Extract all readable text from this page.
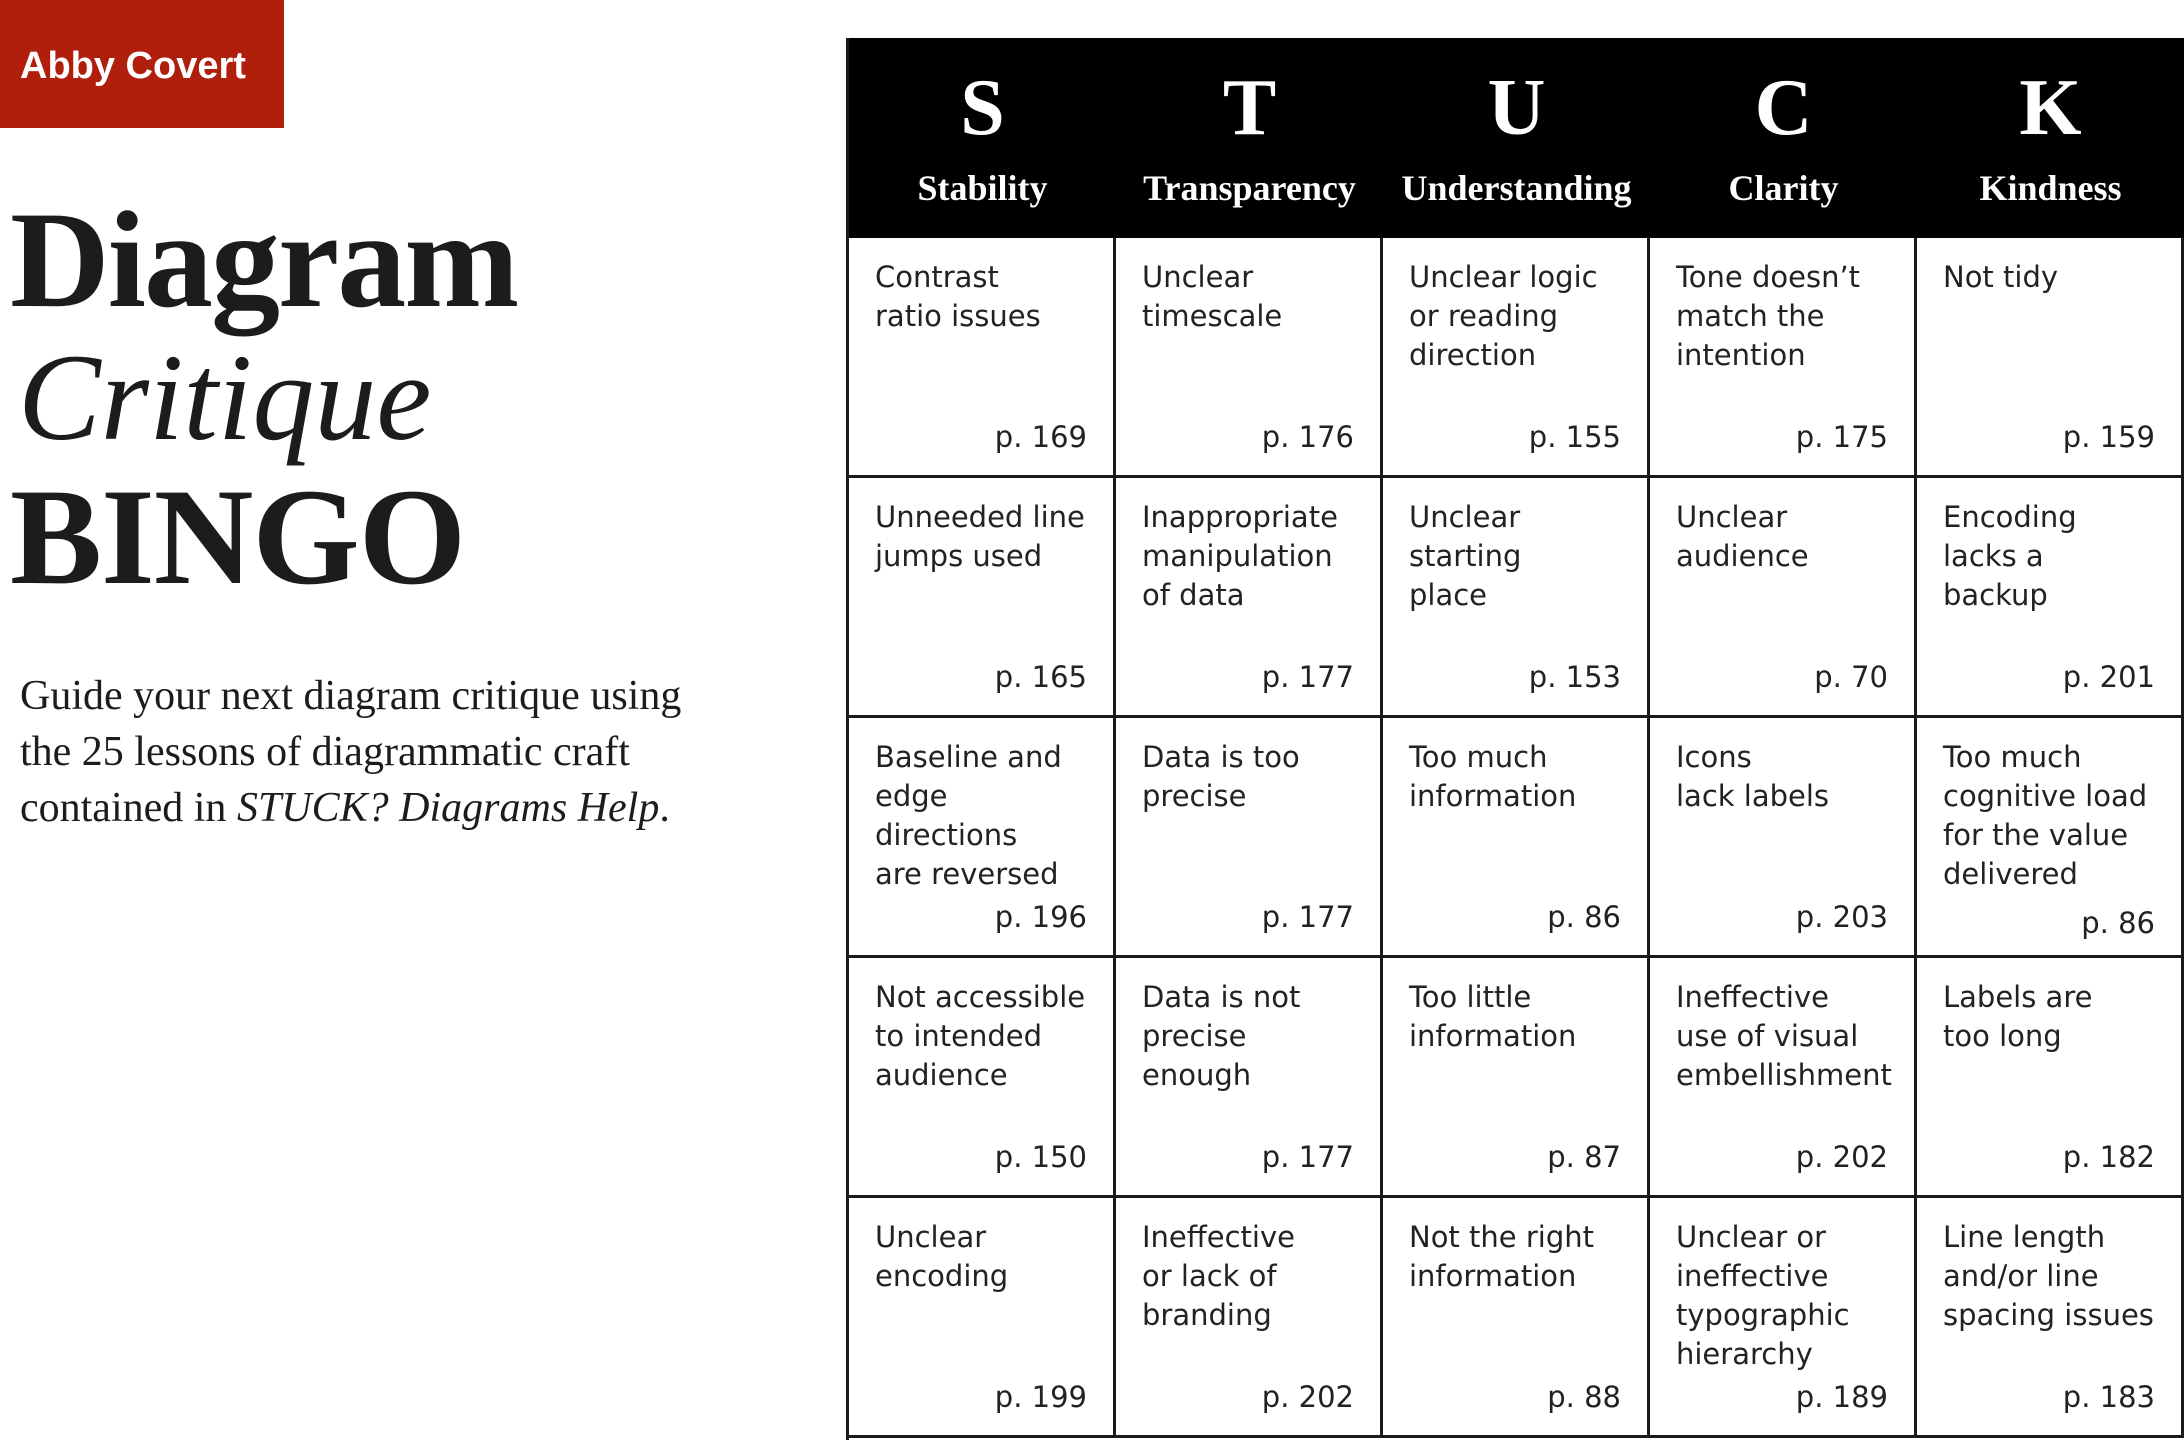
Abby Covert
Diagram
Critique
BINGO

Guide your next diagram critique using the 25 lessons of diagrammatic craft contained in STUCK? Diagrams Help.

S
Stability
T
Transparency
U
Understanding
C
Clarity
K
Kindness
Contrast
ratio issues
p. 169
Unclear
timescale
p. 176
Unclear logic
or reading
direction
p. 155
Tone doesn’t
match the
intention
p. 175
Not tidy
p. 159
Unneeded line
jumps used
p. 165
Inappropriate
manipulation
of data
p. 177
Unclear
starting
place
p. 153
Unclear
audience
p. 70
Encoding
lacks a
backup
p. 201
Baseline and
edge directions
are reversed
p. 196
Data is too
precise
p. 177
Too much
information
p. 86
Icons
lack labels
p. 203
Too much
cognitive load
for the value
delivered
p. 86
Not accessible
to intended
audience
p. 150
Data is not
precise
enough
p. 177
Too little
information
p. 87
Ineffective
use of visual
embellishment
p. 202
Labels are
too long
p. 182
Unclear
encoding
p. 199
Ineffective
or lack of
branding
p. 202
Not the right
information
p. 88
Unclear or
ineffective
typographic
hierarchy
p. 189
Line length
and/or line
spacing issues
p. 183
